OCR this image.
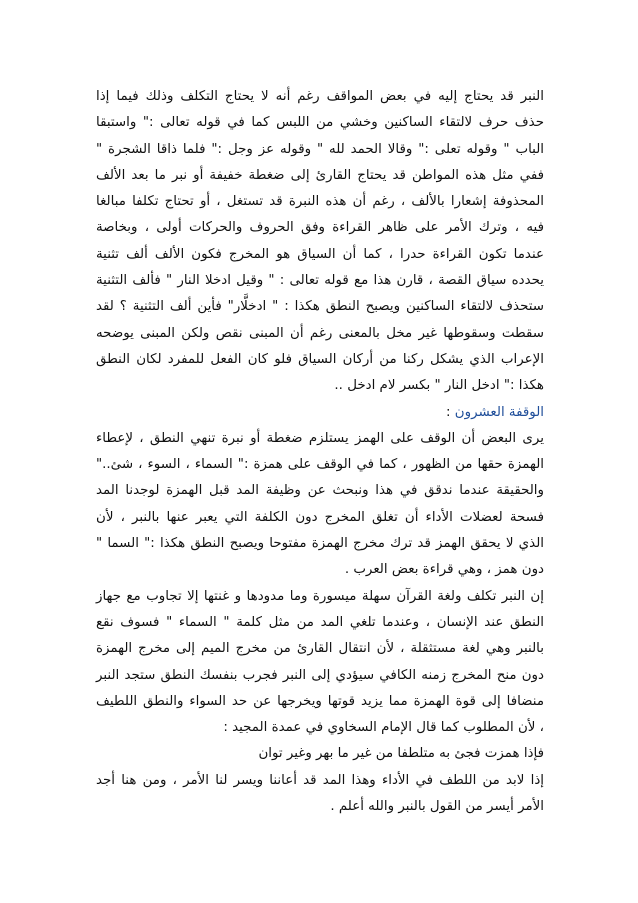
النبر قد يحتاج إليه في بعض المواقف رغم أنه لا يحتاج التكلف وذلك فيما إذا
حذف حرف لالتقاء الساكنين وخشي من اللبس كما في قوله تعالى :" واستبقا
الباب " وقوله تعلى :" وقالا الحمد لله " وقوله عز وجل :" فلما ذاقا الشجرة "
ففي مثل هذه المواطن قد يحتاج القارئ إلى ضغطة خفيفة أو نبر ما بعد الألف
المحذوفة إشعارا بالألف ، رغم أن هذه النبرة قد تستغل ، أو تحتاج تكلفا مبالغا
فيه ، وترك الأمر على ظاهر القراءة وفق الحروف والحركات أولى ، وبخاصة
عندما تكون القراءة حدرا ، كما أن السياق هو المخرج فكون الألف ألف تثنية
يحدده سياق القصة ، قارن هذا مع قوله تعالى : " وقيل ادخلا النار " فألف التثنية
ستحذف لالتقاء الساكنين ويصبح النطق هكذا : " ادخلَّار" فأين ألف التثنية ؟ لقد
سقطت وسقوطها غير مخل بالمعنى رغم أن المبنى نقص ولكن المبنى يوضحه
الإعراب الذي يشكل ركنا من أركان السياق فلو كان الفعل للمفرد لكان النطق
هكذا :" ادخل النار " بكسر لام ادخل ..
الوقفة العشرون :
يرى البعض أن الوقف على الهمز يستلزم ضغطة أو نبرة تنهي النطق ، لإعطاء
الهمزة حقها من الظهور ، كما في الوقف على همزة :" السماء ، السوء ، شئ.."
والحقيقة عندما ندقق في هذا ونبحث عن وظيفة المد قبل الهمزة لوجدنا المد
فسحة لعضلات الأداء أن تغلق المخرج دون الكلفة التي يعبر عنها بالنبر ، لأن
الذي لا يحقق الهمز قد ترك مخرج الهمزة مفتوحا ويصبح النطق هكذا :" السما "
دون همز ، وهي قراءة بعض العرب .
إن النبر تكلف ولغة القرآن سهلة ميسورة وما مدودها و غنتها إلا تجاوب مع جهاز
النطق عند الإنسان ، وعندما تلغي المد من مثل كلمة " السماء " فسوف نقع
بالنبر وهي لغة مستثقلة ، لأن انتقال القارئ من مخرج الميم إلى مخرج الهمزة
دون منح المخرج زمنه الكافي سيؤدي إلى النبر فجرب بنفسك النطق ستجد النبر
منضافا إلى قوة الهمزة مما يزيد قوتها ويخرجها عن حد السواء والنطق اللطيف
، لأن المطلوب كما قال الإمام السخاوي في عمدة المجيد :
فإذا همزت فجئ به متلطفا من غير ما بهر وغير توان
إذا لابد من اللطف في الأداء وهذا المد قد أعاننا ويسر لنا الأمر ، ومن هنا أجد
الأمر أيسر من القول بالنبر والله أعلم .
